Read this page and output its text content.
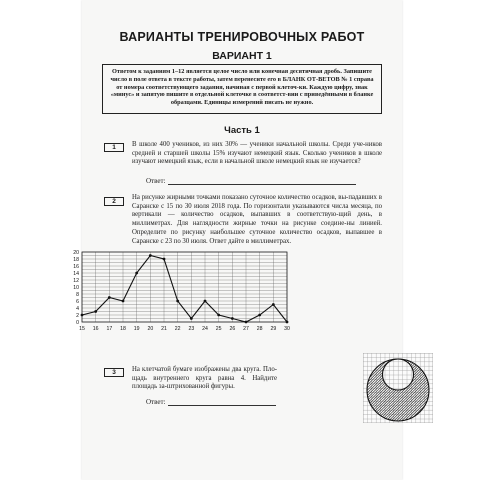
ВАРИАНТЫ ТРЕНИРОВОЧНЫХ РАБОТ
ВАРИАНТ 1
Ответом к заданиям 1–12 является целое число или конечная десятичная дробь. Запишите число в поле ответа в тексте работы, затем перенесите его в БЛАНК ОТ-ВЕТОВ № 1 справа от номера соответствующего задания, начиная с первой клеточ-ки. Каждую цифру, знак «минус» и запятую пишите в отдельной клеточке в соответст-вии с приведёнными в бланке образцами. Единицы измерений писать не нужно.
Часть 1
1	В школе 400 учеников, из них 30% — ученики начальной школы. Среди уче-ников средней и старшей школы 15% изучают немецкий язык. Сколько учеников в школе изучают немецкий язык, если в начальной школе немецкий язык не изучается?
Ответ:
2
На рисунке жирными точками показано суточное количество осадков, вы-падавших в Саранске с 15 по 30 июля 2018 года. По горизонтали указываются числа месяца, по вертикали — количество осадков, выпавших в соответствую-щий день, в миллиметрах. Для наглядности жирные точки на рисунке соедине-ны линией. Определите по рисунку наибольшее суточное количество осадков, выпавшее в Саранске с 23 по 30 июля. Ответ дайте в миллиметрах.
3	На клетчатой бумаге изображены два круга. Пло-щадь внутреннего круга равна 4. Найдите площадь за-штрихованной фигуры.
Ответ:
0
2
4
6
8
10
12
14
16
18
20
15 16 17 18 19 20 21 22 23 24 25 26 27 28 29 30
